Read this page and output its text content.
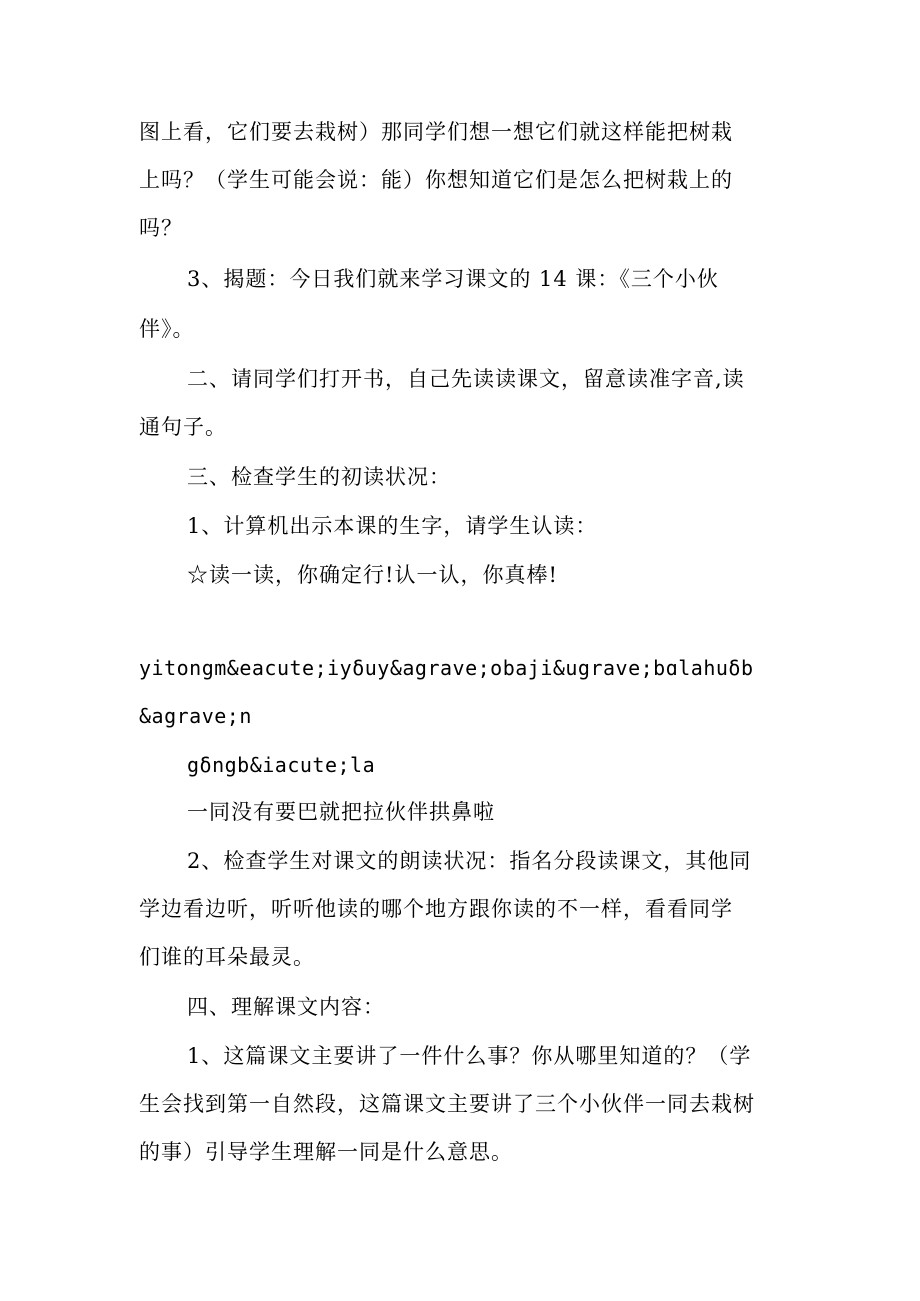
图上看，它们要去栽树）那同学们想一想它们就这样能把树栽
上吗？（学生可能会说：能）你想知道它们是怎么把树栽上的
吗？
3、揭题：今日我们就来学习课文的 14 课：《三个小伙
伴》。
二、请同学们打开书，自己先读读课文，留意读准字音,读
通句子。
三、检查学生的初读状况：
1、计算机出示本课的生字，请学生认读：
☆读一读，你确定行!认一认，你真棒!
yitongm&eacute;iyδuy&agrave;obaji&ugrave;bɑlahuδb
&agrave;n
gδngb&iacute;la
一同没有要巴就把拉伙伴拱鼻啦
2、检查学生对课文的朗读状况：指名分段读课文，其他同
学边看边听，听听他读的哪个地方跟你读的不一样，看看同学
们谁的耳朵最灵。
四、理解课文内容：
1、这篇课文主要讲了一件什么事？你从哪里知道的？（学
生会找到第一自然段，这篇课文主要讲了三个小伙伴一同去栽树
的事）引导学生理解一同是什么意思。
